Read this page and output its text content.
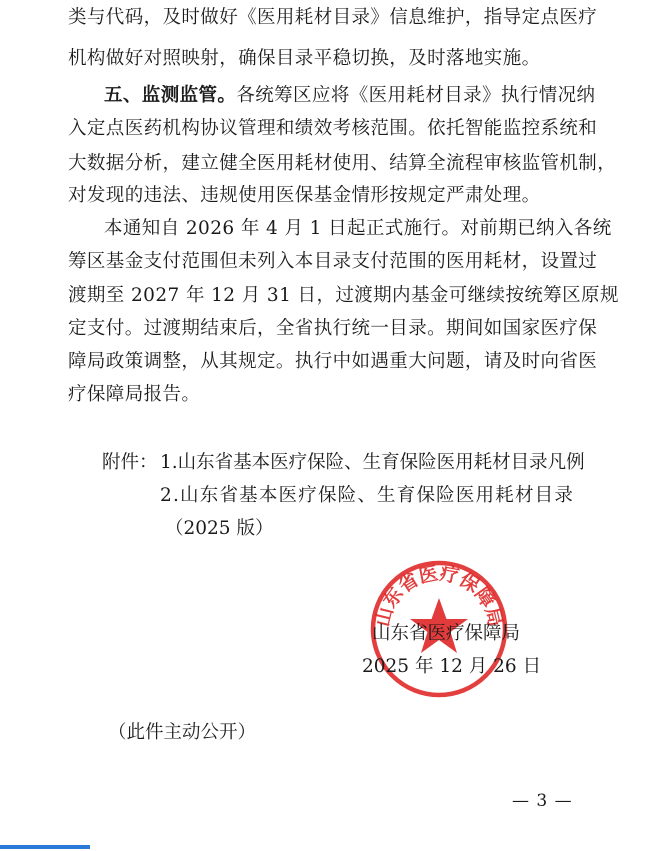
类与代码，及时做好《医用耗材目录》信息维护，指导定点医疗
机构做好对照映射，确保目录平稳切换，及时落地实施。
五、监测监管。各统筹区应将《医用耗材目录》执行情况纳
入定点医药机构协议管理和绩效考核范围。依托智能监控系统和
大数据分析，建立健全医用耗材使用、结算全流程审核监管机制，
对发现的违法、违规使用医保基金情形按规定严肃处理。
本通知自 2026 年 4 月 1 日起正式施行。对前期已纳入各统
筹区基金支付范围但未列入本目录支付范围的医用耗材，设置过
渡期至 2027 年 12 月 31 日，过渡期内基金可继续按统筹区原规
定支付。过渡期结束后，全省执行统一目录。期间如国家医疗保
障局政策调整，从其规定。执行中如遇重大问题，请及时向省医
疗保障局报告。
附件： 1.山东省基本医疗保险、生育保险医用耗材目录凡例
2.山东省基本医疗保险、生育保险医用耗材目录
（2025 版）
山东省医疗保障局
山东省医疗保障局
2025 年 12 月 26 日
（此件主动公开）
— 3 —
